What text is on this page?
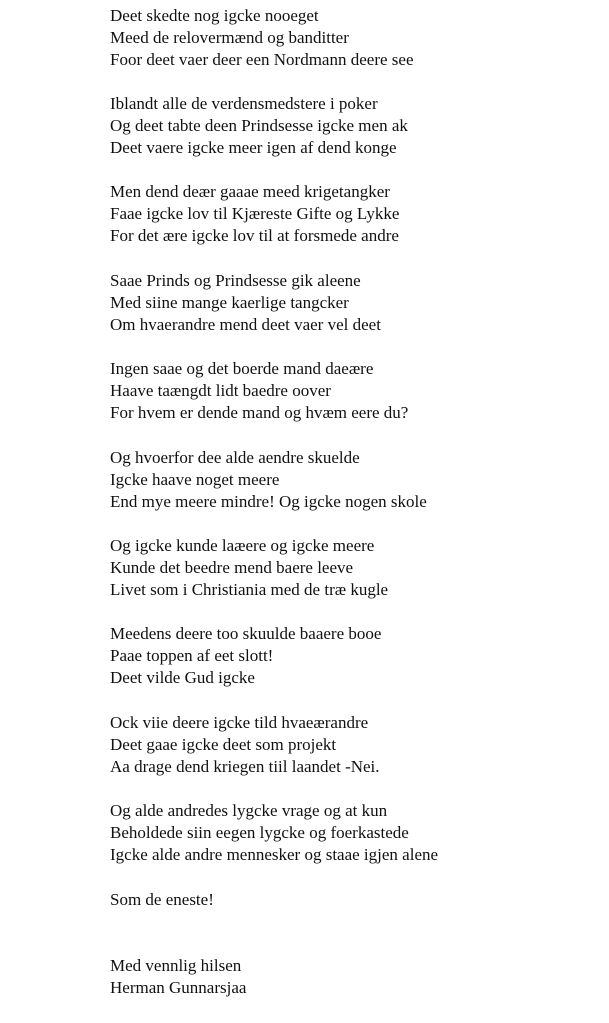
Deet skedte nog igcke nooeget
Meed de relovermænd og banditter
Foor deet vaer deer een Nordmann deere see
Iblandt alle de verdensmedstere i poker
Og deet tabte deen Prindsesse igcke men ak
Deet vaere igcke meer igen af dend konge
Men dend deær gaaae meed krigetangker
Faae igcke lov til Kjæreste Gifte og Lykke
For det ære igcke lov til at forsmede andre
Saae Prinds og Prindsesse gik aleene
Med siine mange kaerlige tangcker
Om hvaerandre mend deet vaer vel deet
Ingen saae og det boerde mand daeære
Haave taængdt lidt baedre oover
For hvem er dende mand og hvæm eere du?
Og hvoerfor dee alde aendre skuelde
Igcke haave noget meere
End mye meere mindre! Og igcke nogen skole
Og igcke kunde laæere og igcke meere
Kunde det beedre mend baere leeve
Livet som i Christiania med de træ kugle
Meedens deere too skuulde baaere booe
Paae toppen af eet slott!
Deet vilde Gud igcke
Ock viie deere igcke tild hvaeærandre
Deet gaae igcke deet som projekt
Aa drage dend kriegen tiil laandet -Nei.
Og alde andredes lygcke vrage og at kun
Beholdede siin eegen lygcke og foerkastede
Igcke alde andre mennesker og staae igjen alene
Som de eneste!
Med vennlig hilsen
Herman Gunnarsjaa
